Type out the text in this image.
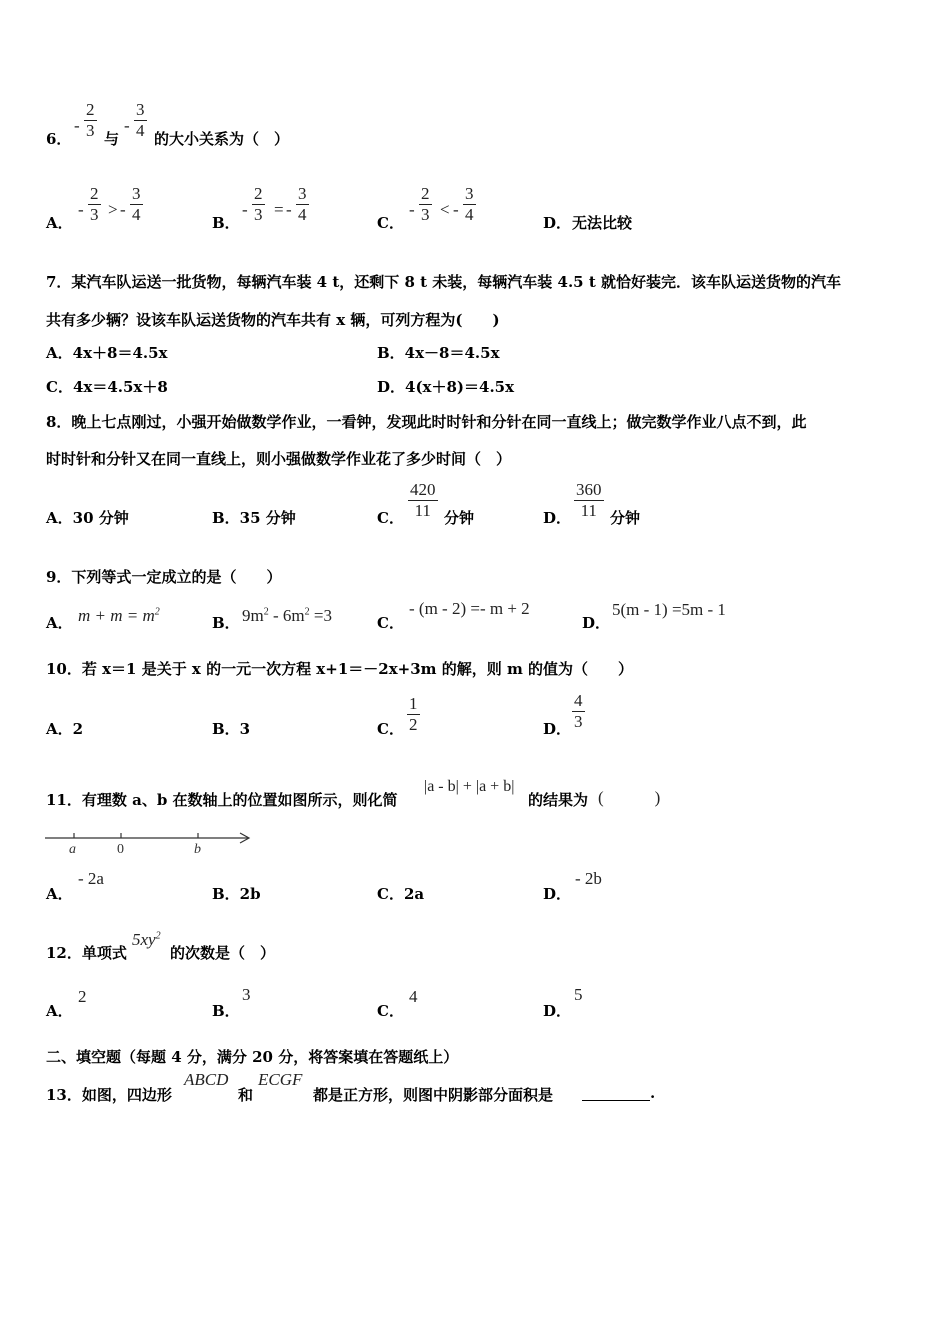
6．
- $\frac{2}{3}$ 与
- $\frac{3}{4}$ 的大小关系为（　）
A．
- $\frac{2}{3}$ > - $\frac{3}{4}$	B．
- $\frac{2}{3}$ = - $\frac{3}{4}$	C．
- $\frac{2}{3}$ < - $\frac{3}{4}$	D． 无法比较
7．某汽车队运送一批货物，每辆汽车装 4 t，还剩下 8 t 未装，每辆汽车装 4.5 t 就恰好装完．该车队运送货物的汽车
共有多少辆？设该车队运送货物的汽车共有 x 辆，可列方程为(　　)
A．4x＋8＝4.5x	B．4x－8＝4.5x
C．4x＝4.5x＋8	D．4(x＋8)＝4.5x
8．晚上七点刚过，小强开始做数学作业，一看钟，发现此时时针和分针在同一直线上；做完数学作业八点不到，此
时时针和分针又在同一直线上，则小强做数学作业花了多少时间（　）
A．30 分钟	B．35 分钟	C． $\frac{420}{11}$ 分钟	D． $\frac{360}{11}$ 分钟
9．下列等式一定成立的是（　　）
A． $m + m = m^2$
B． $9m^2 - 6m^2 =3$	C．
- (m - 2) =- m + 2
D．
5(m - 1) =5m - 1
10．若 x＝1 是关于 x 的一元一次方程 x+1＝－2x+3m 的解，则 m 的值为（　　）
A．2	B．3	C． $\frac{1}{2}$	D． $\frac{4}{3}$
11．有理数 a、b 在数轴上的位置如图所示，则化简
|a - b| + |a + b|
的结果为 (　　　)
a	0	b
A．
- 2a
B．2b	C．2a	D．
- 2b
12．单项式
$5xy^2$
的次数是（　）
A．
2
B．
3
C．
4
D．
5
二、填空题（每题 4 分，满分 20 分，将答案填在答题纸上）
13．如图，四边形
ABCD
和
ECGF
都是正方形，则图中阴影部分面积是	.
